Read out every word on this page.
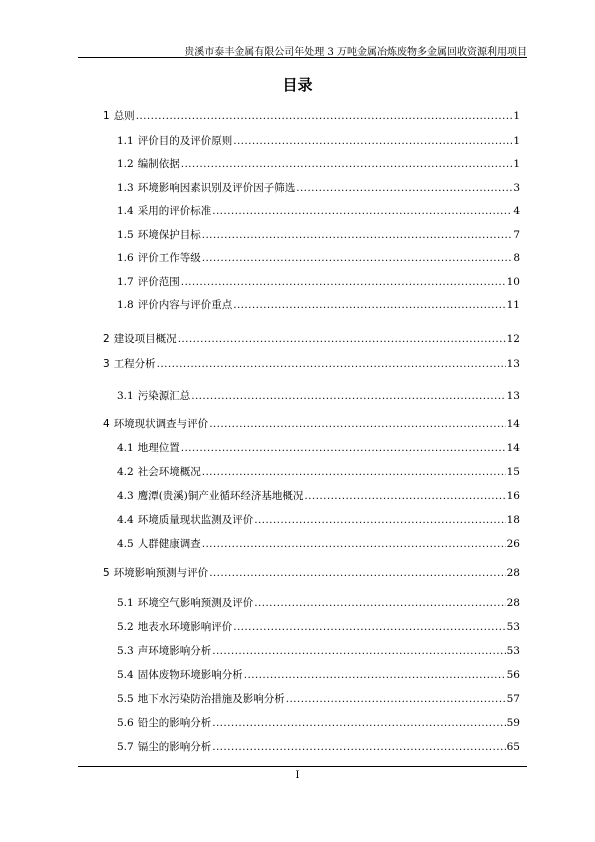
贵溪市泰丰金属有限公司年处理 3 万吨金属冶炼废物多金属回收资源利用项目
目录
1 总则 .....	1
1.1 评价目的及评价原则 .....	1
1.2 编制依据 .....	1
1.3 环境影响因素识别及评价因子筛选 .....	3
1.4 采用的评价标准 .....	4
1.5 环境保护目标 .....	7
1.6 评价工作等级 .....	8
1.7 评价范围 .....	10
1.8 评价内容与评价重点 .....	11
2 建设项目概况 .....	12
3 工程分析 .....	13
3.1 污染源汇总 .....	13
4 环境现状调查与评价 .....	14
4.1 地理位置 .....	14
4.2 社会环境概况 .....	15
4.3 鹰潭(贵溪)铜产业循环经济基地概况 .....	16
4.4 环境质量现状监测及评价 .....	18
4.5 人群健康调查 .....	26
5 环境影响预测与评价 .....	28
5.1 环境空气影响预测及评价 .....	28
5.2 地表水环境影响评价 .....	53
5.3 声环境影响分析 .....	53
5.4 固体废物环境影响分析 .....	56
5.5 地下水污染防治措施及影响分析 .....	57
5.6 铅尘的影响分析 .....	59
5.7 镉尘的影响分析 .....	65
I
